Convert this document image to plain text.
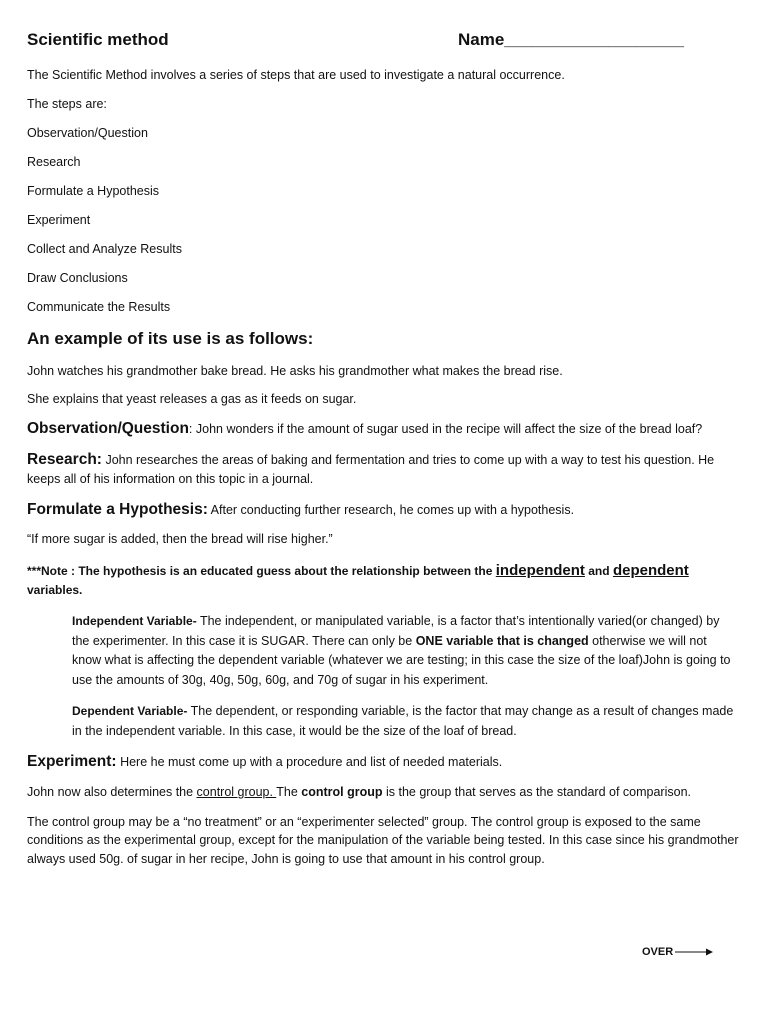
Scientific method	Name___________________

The Scientific Method involves a series of steps that are used to investigate a natural occurrence.

The steps are:

Observation/Question
Research
Formulate a Hypothesis
Experiment
Collect and Analyze Results
Draw Conclusions
Communicate the Results
An example of its use is as follows:

John watches his grandmother bake bread. He asks his grandmother what makes the bread rise.

She explains that yeast releases a gas as it feeds on sugar.

Observation/Question: John wonders if the amount of sugar used in the recipe will affect the size of the bread loaf?

Research: John researches the areas of baking and fermentation and tries to come up with a way to test his question. He keeps all of his information on this topic in a journal.

Formulate a Hypothesis: After conducting further research, he comes up with a hypothesis.

“If more sugar is added, then the bread will rise higher.”

***Note : The hypothesis is an educated guess about the relationship between the independent and dependent variables.

Independent Variable- The independent, or manipulated variable, is a factor that’s intentionally varied(or changed) by the experimenter. In this case it is SUGAR. There can only be ONE variable that is changed otherwise we will not know what is affecting the dependent variable (whatever we are testing; in this case the size of the loaf)John is going to use the amounts of 30g, 40g, 50g, 60g, and 70g of sugar in his experiment.

Dependent Variable- The dependent, or responding variable, is the factor that may change as a result of changes made in the independent variable. In this case, it would be the size of the loaf of bread.

Experiment: Here he must come up with a procedure and list of needed materials.

John now also determines the control group. The control group is the group that serves as the standard of comparison.

The control group may be a “no treatment” or an “experimenter selected” group. The control group is exposed to the same conditions as the experimental group, except for the manipulation of the variable being tested. In this case since his grandmother always used 50g. of sugar in her recipe, John is going to use that amount in his control group.

OVER
